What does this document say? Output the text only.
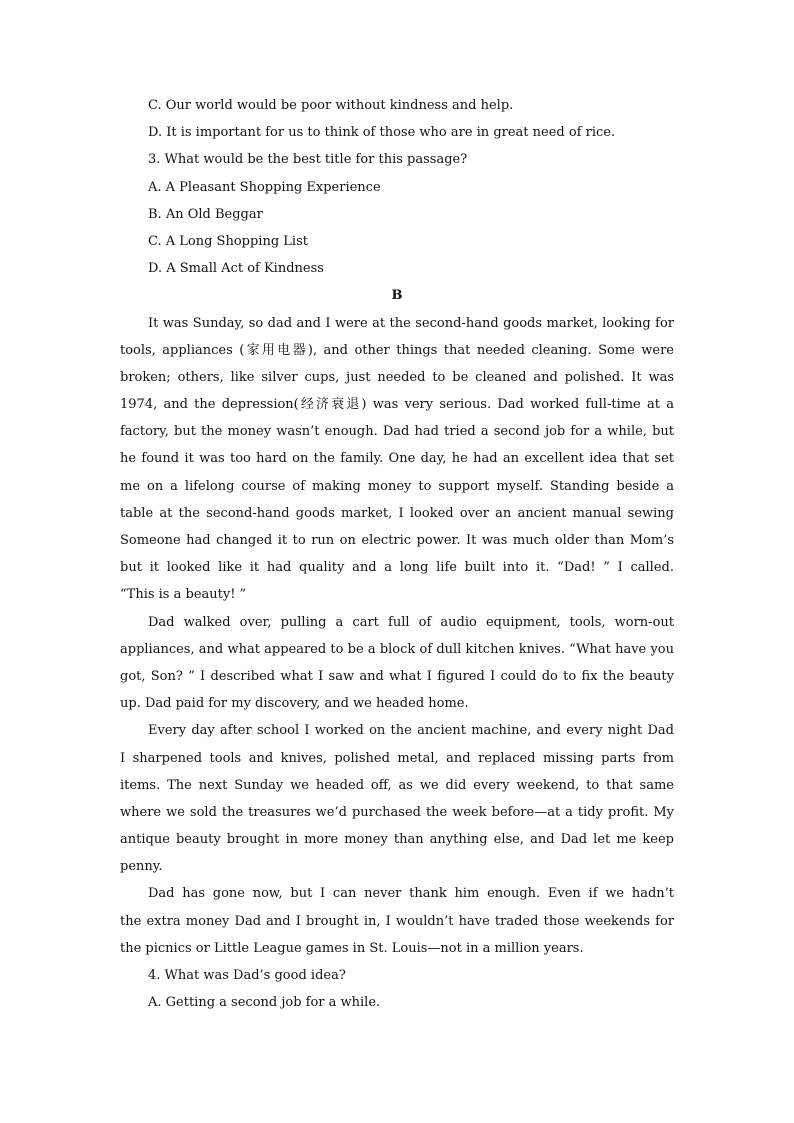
C. Our world would be poor without kindness and help.
D. It is important for us to think of those who are in great need of rice.
3. What would be the best title for this passage?
A. A Pleasant Shopping Experience
B. An Old Beggar
C. A Long Shopping List
D. A Small Act of Kindness
B
It was Sunday, so dad and I were at the second-hand goods market, looking for
tools, appliances (家用电器), and other things that needed cleaning. Some were
broken; others, like silver cups, just needed to be cleaned and polished. It was
1974, and the depression(经济衰退) was very serious. Dad worked full-time at a
factory, but the money wasn’t enough. Dad had tried a second job for a while, but
he found it was too hard on the family. One day, he had an excellent idea that set
me on a lifelong course of making money to support myself. Standing beside a
table at the second-hand goods market, I looked over an ancient manual sewing
Someone had changed it to run on electric power. It was much older than Mom’s
but it looked like it had quality and a long life built into it. “Dad! ” I called.
“This is a beauty! ”
Dad walked over, pulling a cart full of audio equipment, tools, worn-out
appliances, and what appeared to be a block of dull kitchen knives. “What have you
got, Son? ” I described what I saw and what I figured I could do to fix the beauty
up. Dad paid for my discovery, and we headed home.
Every day after school I worked on the ancient machine, and every night Dad
I sharpened tools and knives, polished metal, and replaced missing parts from
items. The next Sunday we headed off, as we did every weekend, to that same
where we sold the treasures we’d purchased the week before—at a tidy profit. My
antique beauty brought in more money than anything else, and Dad let me keep
penny.
Dad has gone now, but I can never thank him enough. Even if we hadn’t
the extra money Dad and I brought in, I wouldn’t have traded those weekends for
the picnics or Little League games in St. Louis—not in a million years.
4. What was Dad’s good idea?
A. Getting a second job for a while.
